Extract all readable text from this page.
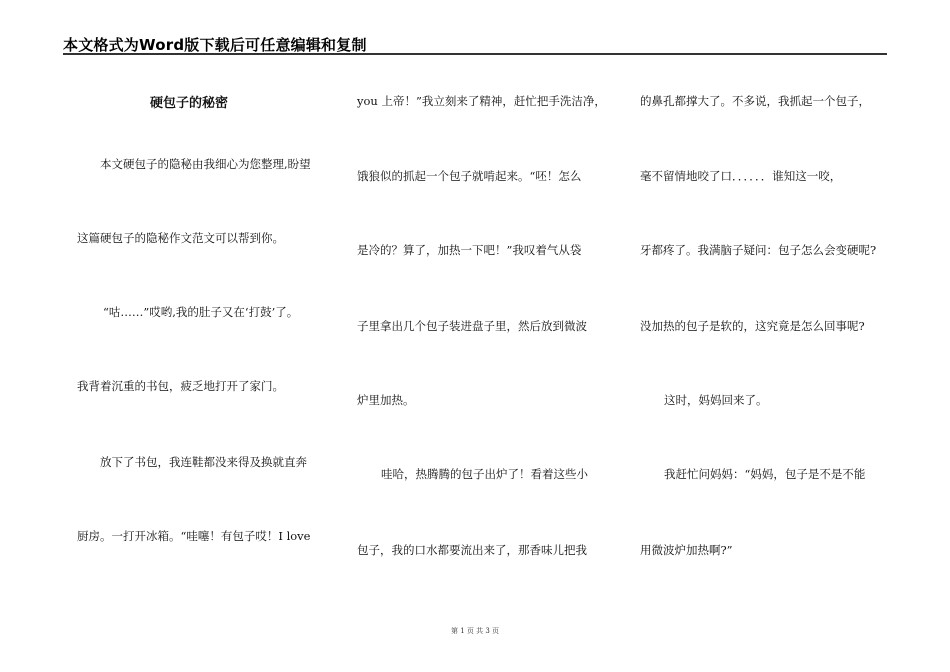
本文格式为Word版下载后可任意编辑和复制
硬包子的秘密
本文硬包子的隐秘由我细心为您整理,盼望
这篇硬包子的隐秘作文范文可以帮到你。
“咕……”哎哟,我的肚子又在‘打鼓’了。
我背着沉重的书包，疲乏地打开了家门。
放下了书包，我连鞋都没来得及换就直奔
厨房。一打开冰箱。“哇噻！有包子哎！I love
you 上帝！”我立刻来了精神，赶忙把手洗洁净，
饿狼似的抓起一个包子就啃起来。“呸！怎么
是冷的？算了，加热一下吧！”我叹着气从袋
子里拿出几个包子装进盘子里，然后放到微波
炉里加热。
哇哈，热腾腾的包子出炉了！看着这些小
包子，我的口水都要流出来了，那香味儿把我
的鼻孔都撑大了。不多说，我抓起一个包子，
毫不留情地咬了口．．．．．．谁知这一咬，
牙都疼了。我满脑子疑问：包子怎么会变硬呢?
没加热的包子是软的，这究竟是怎么回事呢?
这时，妈妈回来了。
我赶忙问妈妈：“妈妈，包子是不是不能
用微波炉加热啊?”
第 1 页 共 3 页
